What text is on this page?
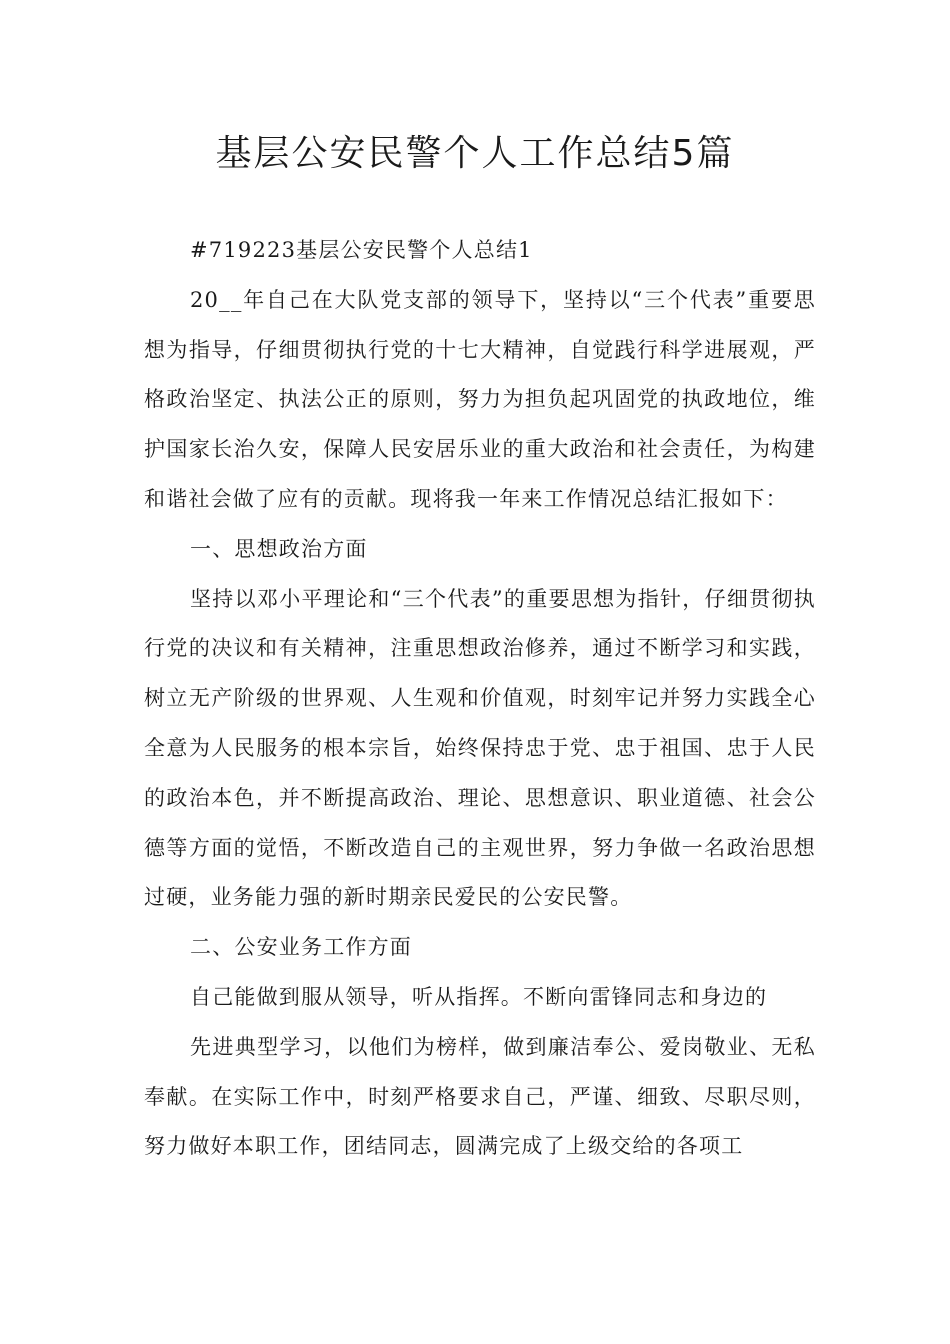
基层公安民警个人工作总结5篇

#719223基层公安民警个人总结1

20__年自己在大队党支部的领导下，坚持以“三个代表”重要思想为指导，仔细贯彻执行党的十七大精神，自觉践行科学进展观，严格政治坚定、执法公正的原则，努力为担负起巩固党的执政地位，维护国家长治久安，保障人民安居乐业的重大政治和社会责任，为构建和谐社会做了应有的贡献。现将我一年来工作情况总结汇报如下：

一、思想政治方面

坚持以邓小平理论和“三个代表”的重要思想为指针，仔细贯彻执行党的决议和有关精神，注重思想政治修养，通过不断学习和实践，树立无产阶级的世界观、人生观和价值观，时刻牢记并努力实践全心全意为人民服务的根本宗旨，始终保持忠于党、忠于祖国、忠于人民的政治本色，并不断提高政治、理论、思想意识、职业道德、社会公德等方面的觉悟，不断改造自己的主观世界，努力争做一名政治思想过硬，业务能力强的新时期亲民爱民的公安民警。

二、公安业务工作方面

自己能做到服从领导，听从指挥。不断向雷锋同志和身边的

先进典型学习，以他们为榜样，做到廉洁奉公、爱岗敬业、无私奉献。在实际工作中，时刻严格要求自己，严谨、细致、尽职尽则，努力做好本职工作，团结同志，圆满完成了上级交给的各项工
